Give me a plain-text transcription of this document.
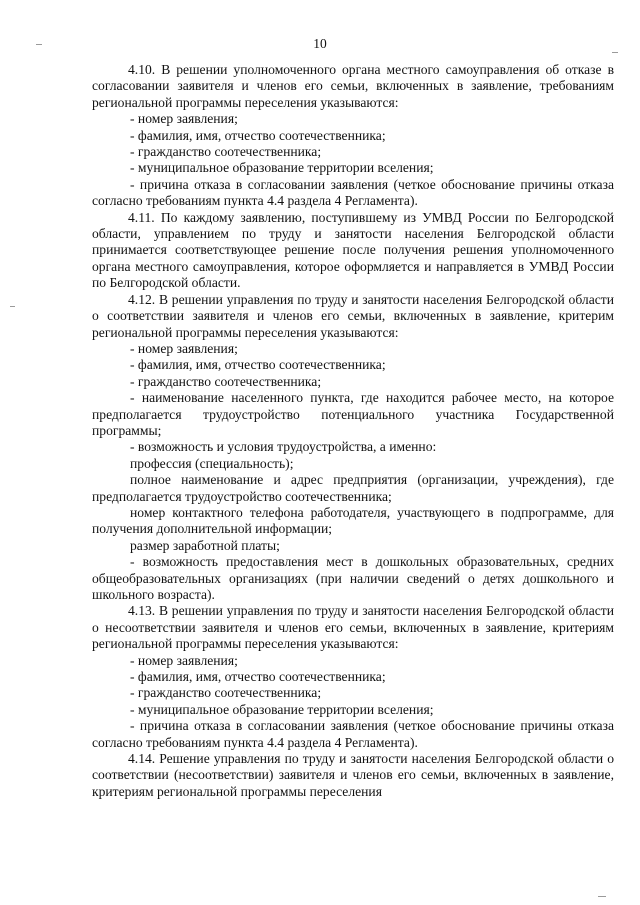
10

4.10. В решении уполномоченного органа местного самоуправления об отказе в согласовании заявителя и членов его семьи, включенных в заявление, требованиям региональной программы переселения указываются:

- номер заявления;

- фамилия, имя, отчество соотечественника;

- гражданство соотечественника;

- муниципальное образование территории вселения;

- причина отказа в согласовании заявления (четкое обоснование причины отказа согласно требованиям пункта 4.4 раздела 4 Регламента).

4.11. По каждому заявлению, поступившему из УМВД России по Белгородской области, управлением по труду и занятости населения Белгородской области принимается соответствующее решение после получения решения уполномоченного органа местного самоуправления, которое оформляется и направляется в УМВД России по Белгородской области.

4.12. В решении управления по труду и занятости населения Белгородской области о соответствии заявителя и членов его семьи, включенных в заявление, критерим региональной программы переселения указываются:

- номер заявления;

- фамилия, имя, отчество соотечественника;

- гражданство соотечественника;

- наименование населенного пункта, где находится рабочее место, на которое предполагается трудоустройство потенциального участника Государственной программы;

- возможность и условия трудоустройства, а именно:

профессия (специальность);

полное наименование и адрес предприятия (организации, учреждения), где предполагается трудоустройство соотечественника;

номер контактного телефона работодателя, участвующего в подпрограмме, для получения дополнительной информации;

размер заработной платы;

- возможность предоставления мест в дошкольных образовательных, средних общеобразовательных организациях (при наличии сведений о детях дошкольного и школьного возраста).

4.13. В решении управления по труду и занятости населения Белгородской области о несоответствии заявителя и членов его семьи, включенных в заявление, критериям региональной программы переселения указываются:

- номер заявления;

- фамилия, имя, отчество соотечественника;

- гражданство соотечественника;

- муниципальное образование территории вселения;

- причина отказа в согласовании заявления (четкое обоснование причины отказа согласно требованиям пункта 4.4 раздела 4 Регламента).

4.14. Решение управления по труду и занятости населения Белгородской области о соответствии (несоответствии) заявителя и членов его семьи, включенных в заявление, критериям региональной программы переселения
